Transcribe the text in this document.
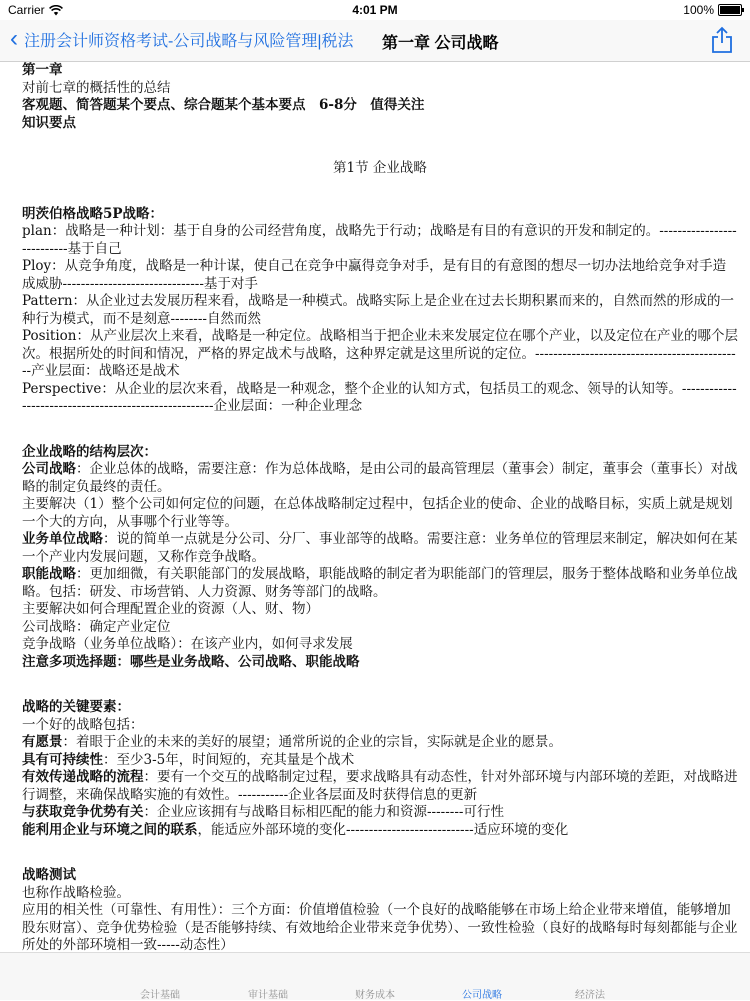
Carrier	4:01 PM	100%
‹ 注册会计师资格考试-公司战略与风险管理|税法 第一章 公司战略

第一章

对前七章的概括性的总结

客观题、简答题某个要点、综合题某个基本要点　6-8分　值得关注

知识要点

第1节 企业战略

明茨伯格战略5P战略：

plan：战略是一种计划：基于自身的公司经营角度，战略先于行动；战略是有目的有意识的开发和制定的。---------------------------基于自己

Ploy：从竞争角度，战略是一种计谋，使自己在竞争中赢得竞争对手，是有目的有意图的想尽一切办法地给竞争对手造成威胁-------------------------------基于对手

Pattern：从企业过去发展历程来看，战略是一种模式。战略实际上是企业在过去长期积累而来的，自然而然的形成的一种行为模式，而不是刻意--------自然而然

Position：从产业层次上来看，战略是一种定位。战略相当于把企业未来发展定位在哪个产业，以及定位在产业的哪个层次。根据所处的时间和情况，严格的界定战术与战略，这种界定就是这里所说的定位。----------------------------------------------产业层面：战略还是战术

Perspective：从企业的层次来看，战略是一种观念，整个企业的认知方式，包括员工的观念、领导的认知等。------------------------------------------------------企业层面：一种企业理念

企业战略的结构层次：

公司战略：企业总体的战略，需要注意：作为总体战略，是由公司的最高管理层（董事会）制定，董事会（董事长）对战略的制定负最终的责任。

主要解决（1）整个公司如何定位的问题，在总体战略制定过程中，包括企业的使命、企业的战略目标，实质上就是规划一个大的方向，从事哪个行业等等。

业务单位战略：说的简单一点就是分公司、分厂、事业部等的战略。需要注意：业务单位的管理层来制定，解决如何在某一个产业内发展问题，又称作竞争战略。

职能战略：更加细微，有关职能部门的发展战略，职能战略的制定者为职能部门的管理层，服务于整体战略和业务单位战略。包括：研发、市场营销、人力资源、财务等部门的战略。

主要解决如何合理配置企业的资源（人、财、物）

公司战略：确定产业定位

竞争战略（业务单位战略）：在该产业内，如何寻求发展

注意多项选择题：哪些是业务战略、公司战略、职能战略

战略的关键要素：

一个好的战略包括：

有愿景：着眼于企业的未来的美好的展望；通常所说的企业的宗旨，实际就是企业的愿景。

具有可持续性：至少3-5年，时间短的，充其量是个战术

有效传递战略的流程：要有一个交互的战略制定过程，要求战略具有动态性，针对外部环境与内部环境的差距，对战略进行调整，来确保战略实施的有效性。-----------企业各层面及时获得信息的更新

与获取竞争优势有关：企业应该拥有与战略目标相匹配的能力和资源--------可行性

能利用企业与环境之间的联系，能适应外部环境的变化----------------------------适应环境的变化

战略测试

也称作战略检验。

应用的相关性（可靠性、有用性）：三个方面：价值增值检验（一个良好的战略能够在市场上给企业带来增值，能够增加股东财富）、竞争优势检验（是否能够持续、有效地给企业带来竞争优势）、一致性检验（良好的战略每时每刻都能与企业所处的外部环境相一致-----动态性）

会计基础	审计基础	财务成本	公司战略	经济法
